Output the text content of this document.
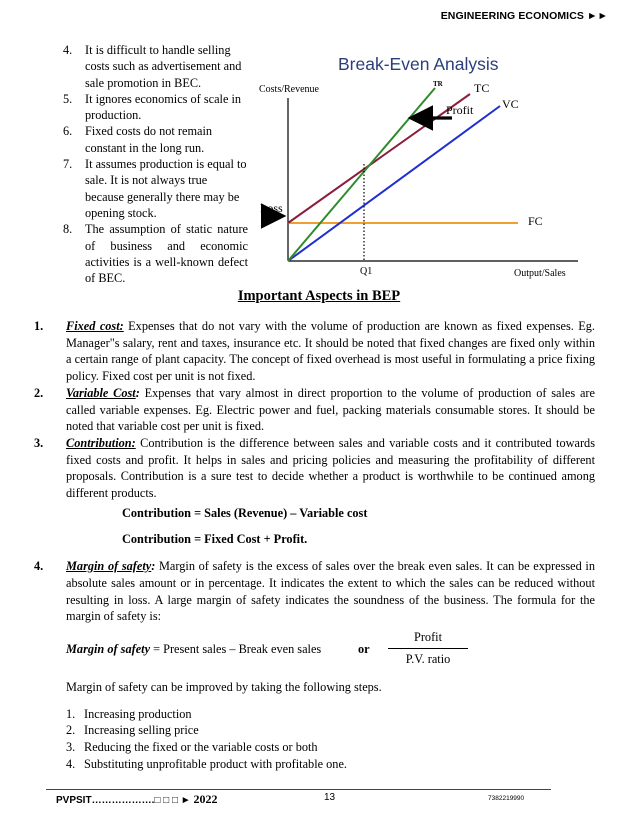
ENGINEERING ECONOMICS ►►
4. It is difficult to handle selling costs such as advertisement and sale promotion in BEC.
5. It ignores economics of scale in production.
6. Fixed costs do not remain constant in the long run.
7. It assumes production is equal to sale. It is not always true because generally there may be opening stock.
8. The assumption of static nature of business and economic activities is a well-known defect of BEC.
Break-Even Analysis
Costs/Revenue
Output/Sales
Q1
TR	TC
VC
FC
Profit
Loss
Important Aspects in BEP
1. Fixed cost: Expenses that do not vary with the volume of production are known as fixed expenses. Eg. Manager"s salary, rent and taxes, insurance etc. It should be noted that fixed changes are fixed only within a certain range of plant capacity. The concept of fixed overhead is most useful in formulating a price fixing policy. Fixed cost per unit is not fixed.
2. Variable Cost: Expenses that vary almost in direct proportion to the volume of production of sales are called variable expenses. Eg. Electric power and fuel, packing materials consumable stores. It should be noted that variable cost per unit is fixed.
3. Contribution: Contribution is the difference between sales and variable costs and it contributed towards fixed costs and profit. It helps in sales and pricing policies and measuring the profitability of different proposals. Contribution is a sure test to decide whether a product is worthwhile to be continued among different products.
Contribution = Sales (Revenue) – Variable cost
Contribution = Fixed Cost + Profit.
4. Margin of safety: Margin of safety is the excess of sales over the break even sales. It can be expressed in absolute sales amount or in percentage. It indicates the extent to which the sales can be reduced without resulting in loss. A large margin of safety indicates the soundness of the business. The formula for the margin of safety is:
Margin of safety = Present sales – Break even sales	or
Profit
P.V. ratio
Margin of safety can be improved by taking the following steps.
1. Increasing production
2. Increasing selling price
3. Reducing the fixed or the variable costs or both
4. Substituting unprofitable product with profitable one.
PVPSIT……………….□ □ □ ► 2022	13	7382219990
